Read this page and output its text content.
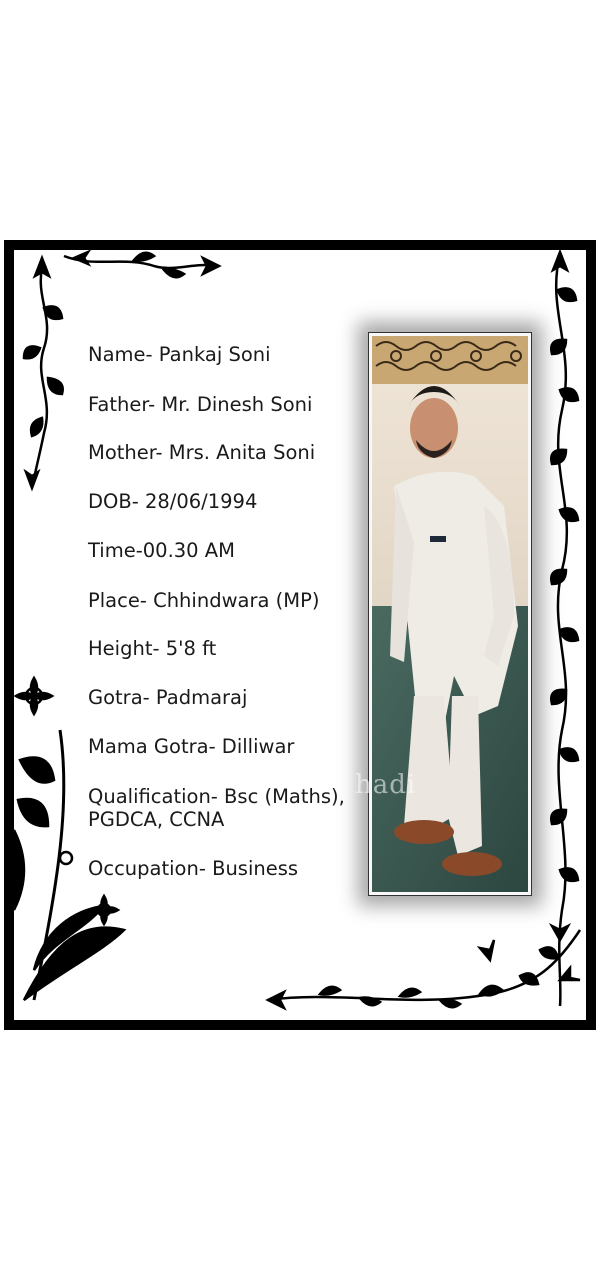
Name- Pankaj Soni
Father- Mr. Dinesh Soni
Mother- Mrs. Anita Soni
DOB- 28/06/1994
Time-00.30 AM
Place- Chhindwara (MP)
Height- 5'8 ft
Gotra- Padmaraj
Mama Gotra- Dilliwar
Qualification- Bsc (Maths),
PGDCA, CCNA
Occupation- Business
hadi
